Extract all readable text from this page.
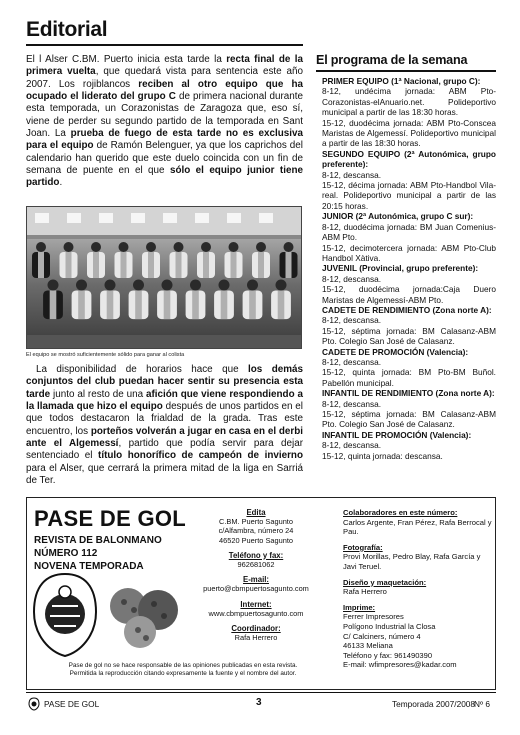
Editorial

El l Alser C.BM. Puerto inicia esta tarde la recta final de la primera vuelta, que quedará vista para sentencia este año 2007. Los rojiblancos reciben al otro equipo que ha ocupado el liderato del grupo C de primera nacional durante esta temporada, un Corazonistas de Zaragoza que, eso sí, viene de perder su segundo partido de la temporada en Sant Joan. La prueba de fuego de esta tarde no es exclusiva para el equipo de Ramón Belenguer, ya que los caprichos del calendario han querido que este duelo coincida con un fin de semana de puente en el que sólo el equipo junior tiene partido.

El equipo se mostró suficientemente sólido para ganar al colista

La disponibilidad de horarios hace que los demás conjuntos del club puedan hacer sentir su presencia esta tarde junto al resto de una afición que viene respondiendo a la llamada que hizo el equipo después de unos partidos en el que todos destacaron la frialdad de la grada. Tras este encuentro, los porteños volverán a jugar en casa en el derbi ante el Algemessí, partido que podía servir para dejar sentenciado el título honorífico de campeón de invierno para el Alser, que cerrará la primera mitad de la liga en Sarriá de Ter.

El programa de la semana
PRIMER EQUIPO (1ª Nacional, grupo C):
8-12, undécima jornada: ABM Pto-Corazonistas-elAnuario.net. Polideportivo municipal a partir de las 18:30 horas.
15-12, duodécima jornada: ABM Pto-Conscea Maristas de Algemessí. Polideportivo municipal a partir de las 18:30 horas.
SEGUNDO EQUIPO (2ª Autonómica, grupo preferente):
8-12, descansa.
15-12, décima jornada: ABM Pto-Handbol Vila-real. Polideportivo municipal a partir de las 20:15 horas.
JUNIOR (2ª Autonómica, grupo C sur):
8-12, duodécima jornada: BM Juan Comenius-ABM Pto.
15-12, decimotercera jornada: ABM Pto-Club Handbol Xàtiva.
JUVENIL (Provincial, grupo preferente):
8-12, descansa.
15-12, duodécima jornada:Caja Duero Maristas de Algemessí-ABM Pto.
CADETE DE RENDIMIENTO (Zona norte A):
8-12, descansa.
15-12, séptima jornada: BM Calasanz-ABM Pto. Colegio San José de Calasanz.
CADETE DE PROMOCIÓN (Valencia):
8-12, descansa.
15-12, quinta jornada: BM Pto-BM Buñol. Pabellón municipal.
INFANTIL DE RENDIMIENTO (Zona norte A):
8-12, descansa.
15-12, séptima jornada: BM Calasanz-ABM Pto. Colegio San José de Calasanz.
INFANTIL DE PROMOCIÓN (Valencia):
8-12, descansa.
15-12, quinta jornada: descansa.
PASE DE GOL
REVISTA DE BALONMANO
NÚMERO 112
NOVENA TEMPORADA
Pase de gol no se hace responsable de las opiniones publicadas en esta revista.
Permitida la reproducción citando expresamente la fuente y el nombre del autor.
Edita
C.BM. Puerto Sagunto
c/Alfambra, número 24
46520 Puerto Sagunto
Teléfono y fax:
962681062
E-mail:
puerto@cbmpuertosagunto.com
Internet:
www.cbmpuertosagunto.com
Coordinador:
Rafa Herrero
Colaboradores en este número:
Carlos Argente, Fran Pérez, Rafa Berrocal y Pau.
Fotografía:
Provi Morillas, Pedro Blay, Rafa García y Javi Teruel.
Diseño y maquetación:
Rafa Herrero
Imprime:
Ferrer Impresores
Polígono Industrial la Closa
C/ Calciners, número 4
46133 Meliana
Teléfono y fax: 961490390
E-mail: wfimpresores@kadar.com
PASE DE GOL	3	Temporada 2007/2008
Nº 6
